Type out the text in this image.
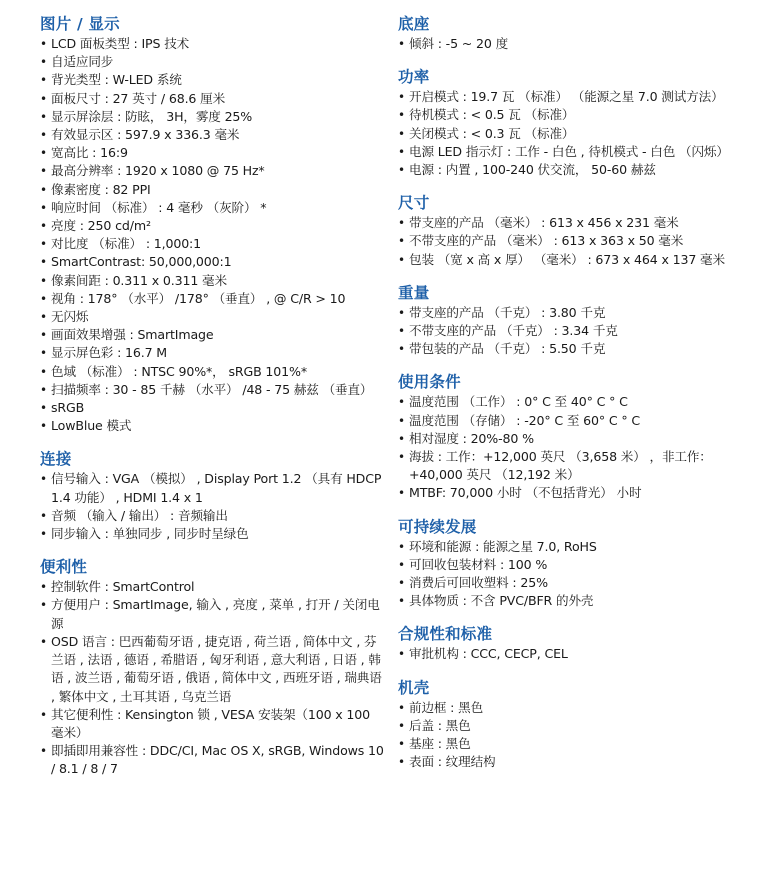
图片 / 显示
• LCD 面板类型 : IPS 技术
• 自适应同步
• 背光类型 : W-LED 系统
• 面板尺寸 : 27 英寸 / 68.6 厘米
• 显示屏涂层 : 防眩， 3H，雾度 25%
• 有效显示区 : 597.9 x 336.3 毫米
• 宽高比 : 16:9
• 最高分辨率 : 1920 x 1080 @ 75 Hz*
• 像素密度 : 82 PPI
• 响应时间 （标准） : 4 毫秒 （灰阶） *
• 亮度 : 250 cd/m²
• 对比度 （标准） : 1,000:1
• SmartContrast: 50,000,000:1
• 像素间距 : 0.311 x 0.311 毫米
• 视角 : 178° （水平） /178° （垂直） , @ C/R > 10
• 无闪烁
• 画面效果增强 : SmartImage
• 显示屏色彩 : 16.7 M
• 色域 （标准） : NTSC 90%*， sRGB 101%*
• 扫描频率 : 30 - 85 千赫 （水平） /48 - 75 赫兹 （垂直）
• sRGB
• LowBlue 模式
连接
• 信号输入 : VGA （模拟） , Display Port 1.2 （具有 HDCP 1.4 功能） , HDMI 1.4 x 1
• 音频 （输入 / 输出） : 音频输出
• 同步输入 : 单独同步 , 同步时呈绿色
便利性
• 控制软件 : SmartControl
• 方便用户 : SmartImage, 输入 , 亮度 , 菜单 , 打开 / 关闭电源
• OSD 语言 : 巴西葡萄牙语 , 捷克语 , 荷兰语 , 简体中文 , 芬兰语 , 法语 , 德语 , 希腊语 , 匈牙利语 , 意大利语 , 日语 , 韩语 , 波兰语 , 葡萄牙语 , 俄语 , 简体中文 , 西班牙语 , 瑞典语 , 繁体中文 , 土耳其语 , 乌克兰语
• 其它便利性 : Kensington 锁 , VESA 安装架（100 x 100 毫米）
• 即插即用兼容性 : DDC/CI, Mac OS X, sRGB, Windows 10 / 8.1 / 8 / 7
底座
• 倾斜 : -5 ~ 20 度
功率
• 开启模式 : 19.7 瓦 （标准） （能源之星 7.0 测试方法）
• 待机模式 : < 0.5 瓦 （标准）
• 关闭模式 : < 0.3 瓦 （标准）
• 电源 LED 指示灯 : 工作 - 白色 , 待机模式 - 白色 （闪烁）
• 电源 : 内置 , 100-240 伏交流， 50-60 赫兹
尺寸
• 带支座的产品 （毫米） : 613 x 456 x 231 毫米
• 不带支座的产品 （毫米） : 613 x 363 x 50 毫米
• 包装 （宽 x 高 x 厚） （毫米） : 673 x 464 x 137 毫米
重量
• 带支座的产品 （千克） : 3.80 千克
• 不带支座的产品 （千克） : 3.34 千克
• 带包装的产品 （千克） : 5.50 千克
使用条件
• 温度范围 （工作） : 0° C 至 40° C ° C
• 温度范围 （存储） : -20° C 至 60° C ° C
• 相对湿度 : 20%-80 %
• 海拔 : 工作：+12,000 英尺 （3,658 米） ，非工作：+40,000 英尺 （12,192 米）
• MTBF: 70,000 小时 （不包括背光） 小时
可持续发展
• 环境和能源 : 能源之星 7.0, RoHS
• 可回收包装材料 : 100 %
• 消费后可回收塑料 : 25%
• 具体物质 : 不含 PVC/BFR 的外壳
合规性和标准
• 审批机构 : CCC, CECP, CEL
机壳
• 前边框 : 黑色
• 后盖 : 黑色
• 基座 : 黑色
• 表面 : 纹理结构
